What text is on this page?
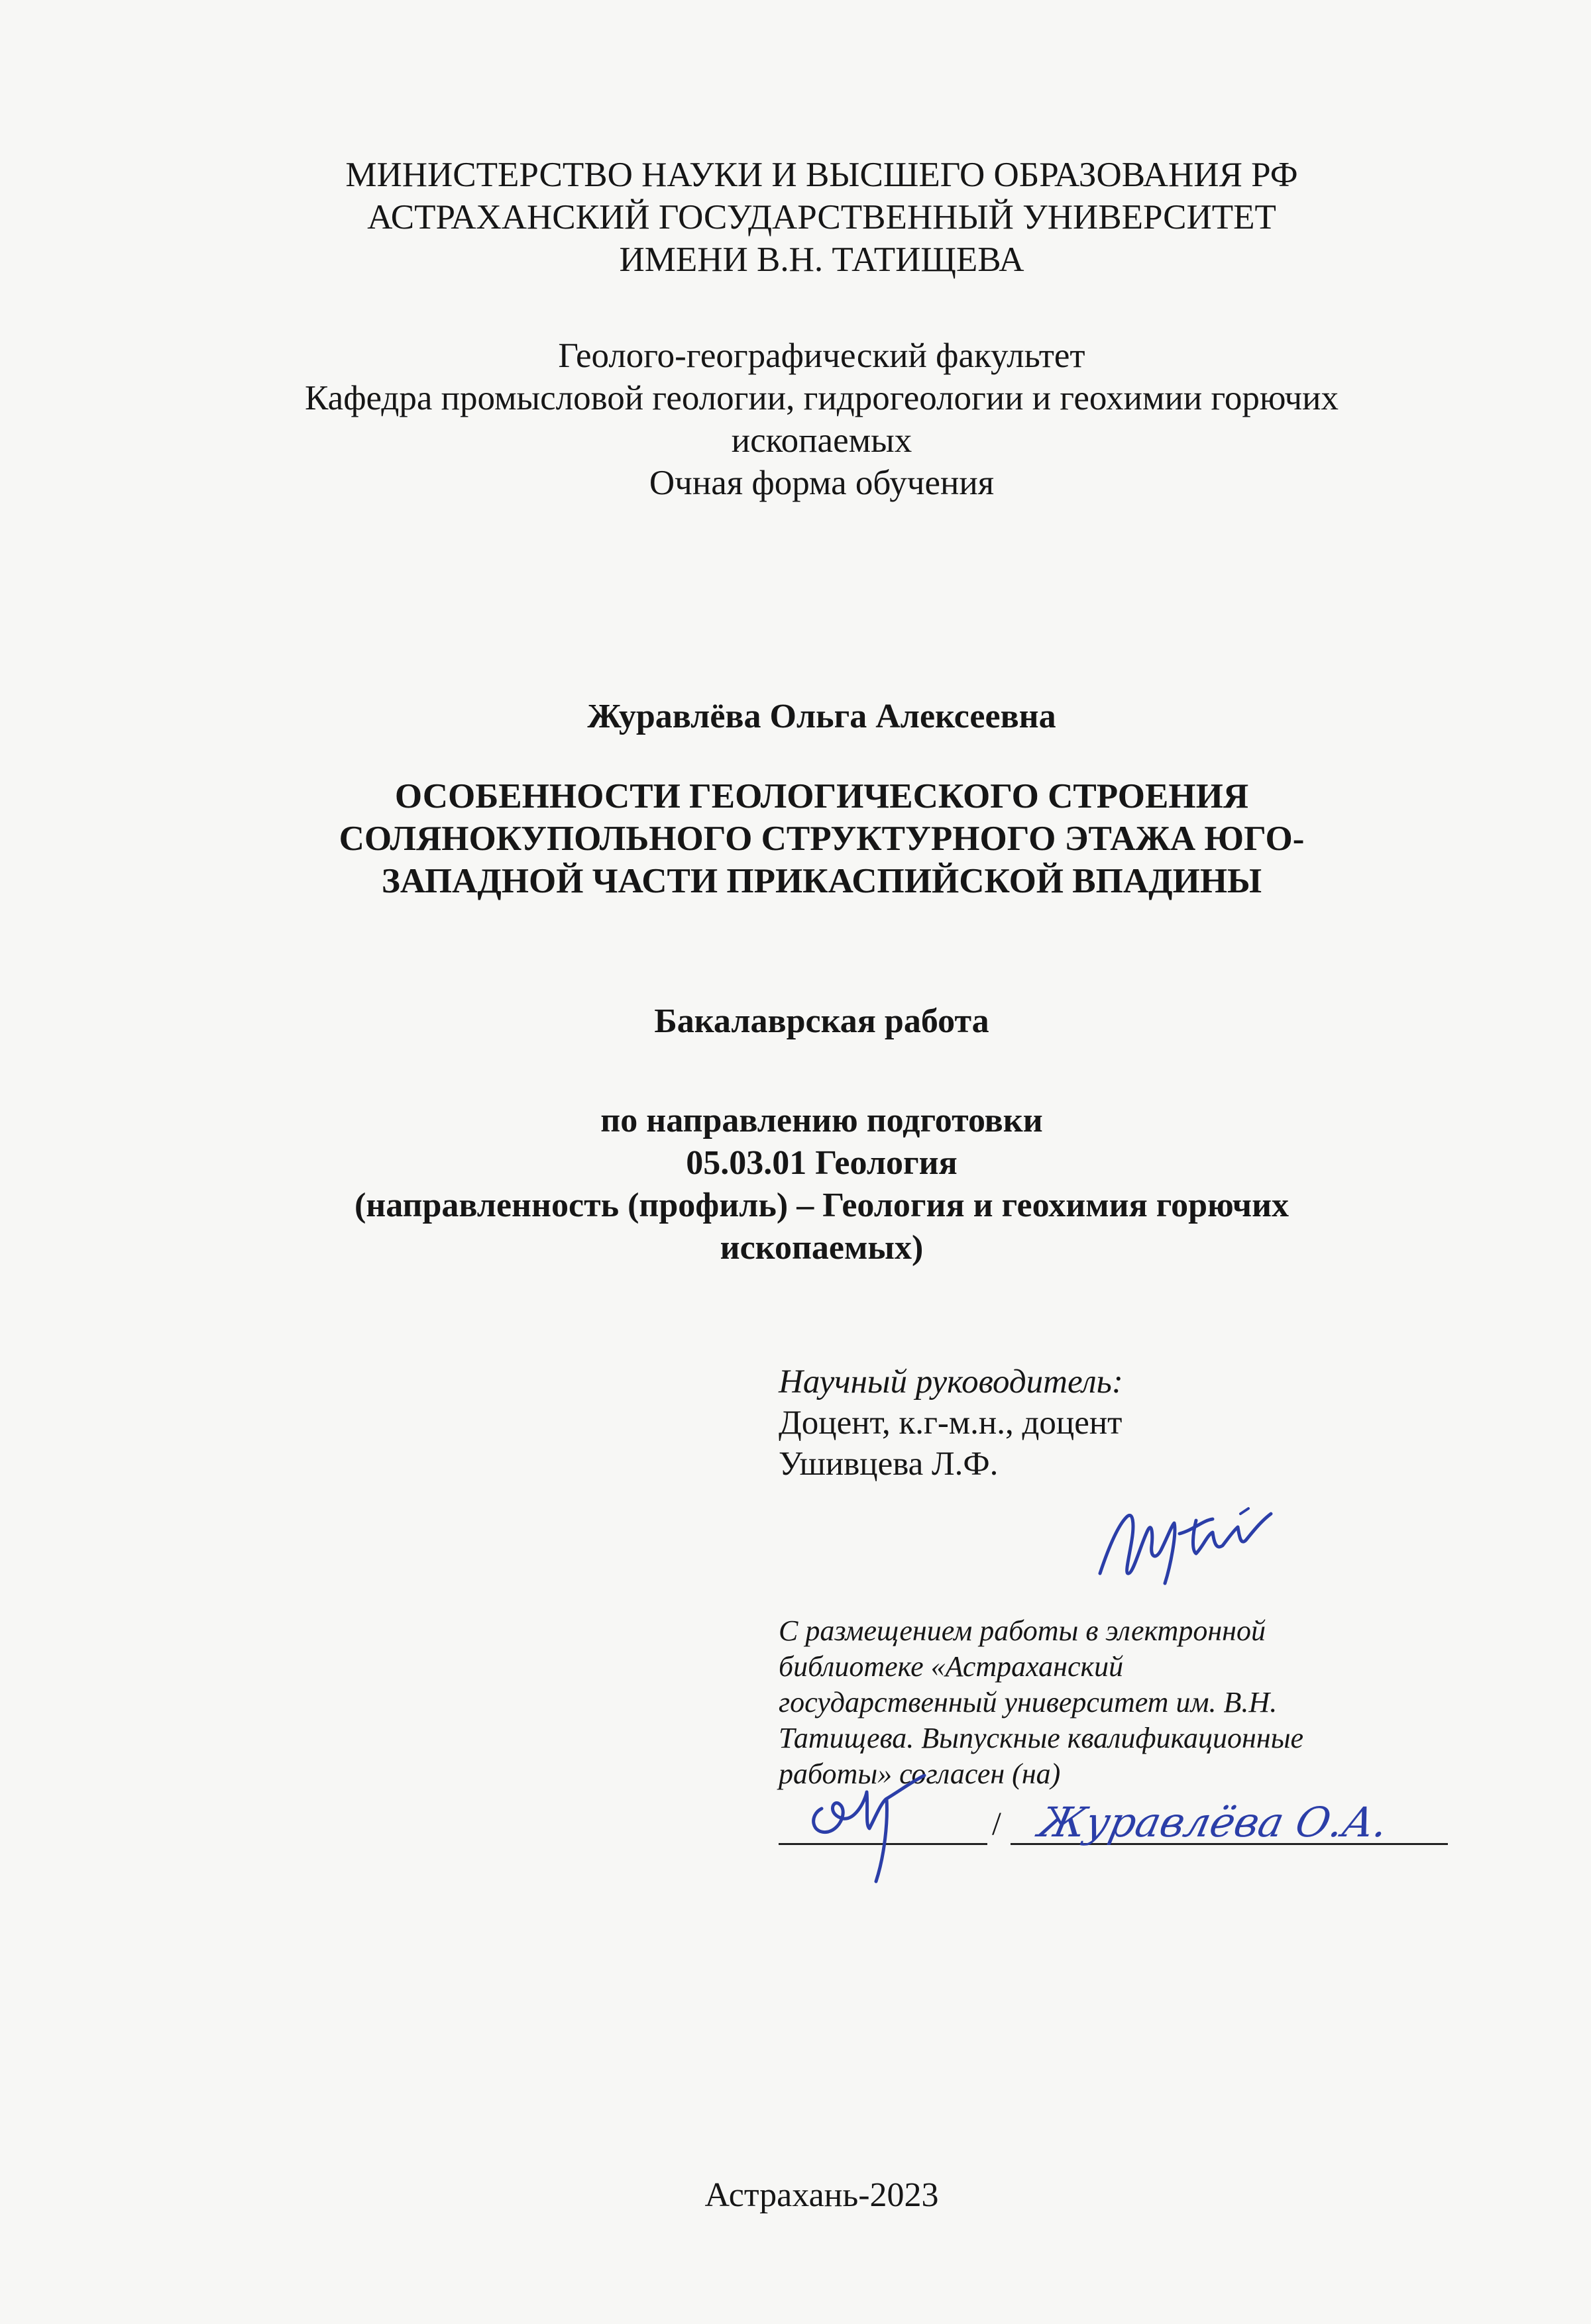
МИНИСТЕРСТВО НАУКИ И ВЫСШЕГО ОБРАЗОВАНИЯ РФ
АСТРАХАНСКИЙ ГОСУДАРСТВЕННЫЙ УНИВЕРСИТЕТ
ИМЕНИ В.Н. ТАТИЩЕВА
Геолого-географический факультет
Кафедра промысловой геологии, гидрогеологии и геохимии горючих
ископаемых
Очная форма обучения
Журавлёва Ольга Алексеевна
ОСОБЕННОСТИ ГЕОЛОГИЧЕСКОГО СТРОЕНИЯ
СОЛЯНОКУПОЛЬНОГО СТРУКТУРНОГО ЭТАЖА ЮГО-
ЗАПАДНОЙ ЧАСТИ ПРИКАСПИЙСКОЙ ВПАДИНЫ
Бакалаврская работа
по направлению подготовки
05.03.01 Геология
(направленность (профиль) – Геология и геохимия горючих
ископаемых)
Научный руководитель:
Доцент, к.г-м.н., доцент
Ушивцева Л.Ф.
С размещением работы в электронной
библиотеке «Астраханский
государственный университет им. В.Н.
Татищева. Выпускные квалификационные
работы» согласен (на)
/ Журавлёва О.А.
Астрахань-2023
